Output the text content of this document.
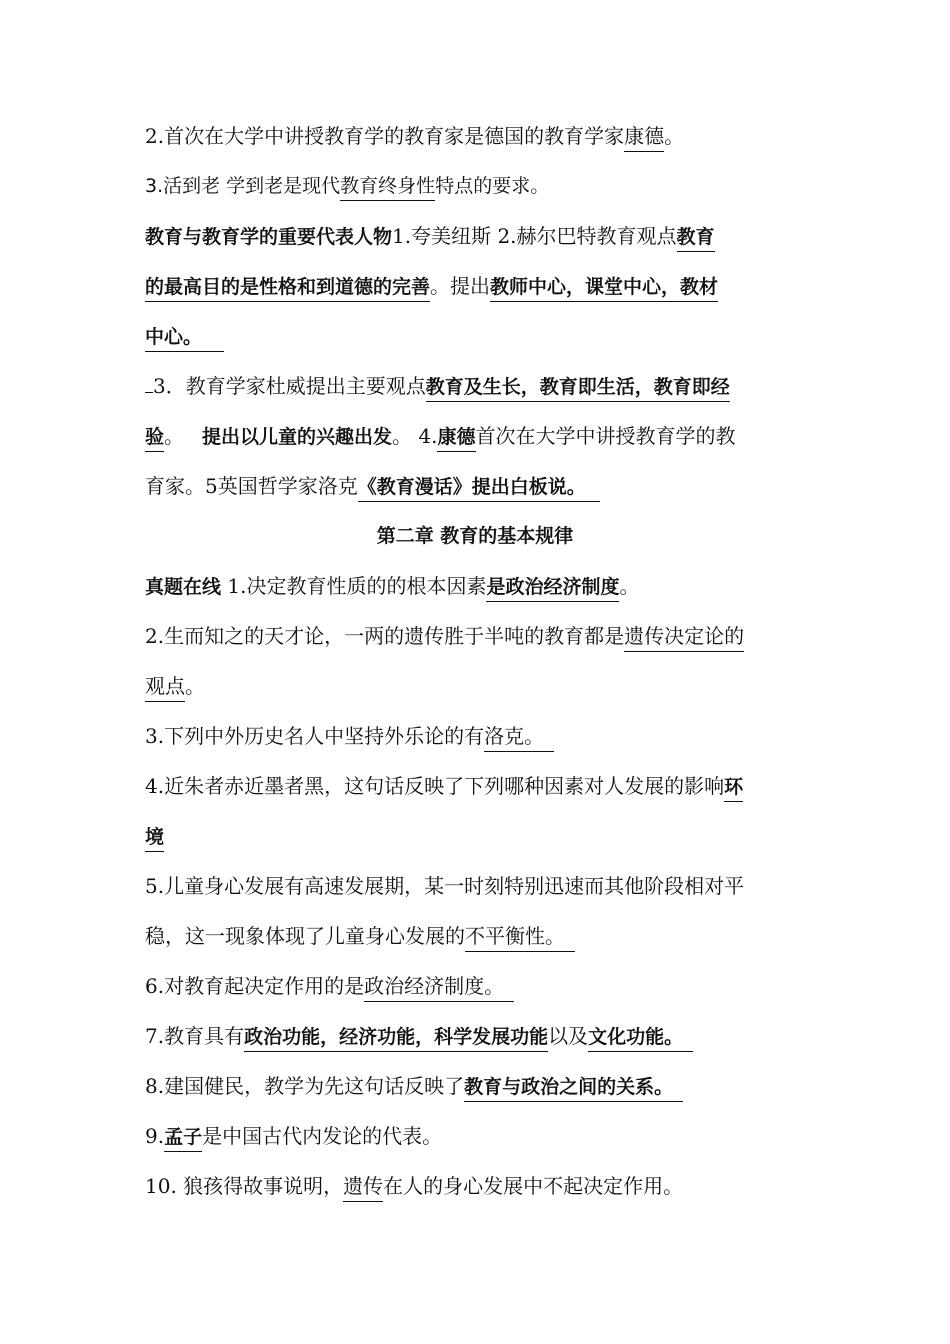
2.首次在大学中讲授教育学的教育家是德国的教育学家康德。
3.活到老 学到老是现代教育终身性特点的要求。
教育与教育学的重要代表人物1.夸美纽斯 2.赫尔巴特教育观点教育
的最高目的是性格和到道德的完善。提出教师中心，课堂中心，教材
中心。
3．教育学家杜威提出主要观点教育及生长，教育即生活，教育即经
验。 提出以儿童的兴趣出发。 4.康德首次在大学中讲授教育学的教
育家。5英国哲学家洛克《教育漫话》提出白板说。
第二章 教育的基本规律
真题在线 1.决定教育性质的的根本因素是政治经济制度。
2.生而知之的天才论，一两的遗传胜于半吨的教育都是遗传决定论的
观点。
3.下列中外历史名人中坚持外乐论的有洛克。
4.近朱者赤近墨者黑，这句话反映了下列哪种因素对人发展的影响环
境
5.儿童身心发展有高速发展期，某一时刻特别迅速而其他阶段相对平
稳，这一现象体现了儿童身心发展的不平衡性。
6.对教育起决定作用的是政治经济制度。
7.教育具有政治功能，经济功能，科学发展功能以及文化功能。
8.建国健民，教学为先这句话反映了教育与政治之间的关系。
9.孟子是中国古代内发论的代表。
10. 狼孩得故事说明，遗传在人的身心发展中不起决定作用。
